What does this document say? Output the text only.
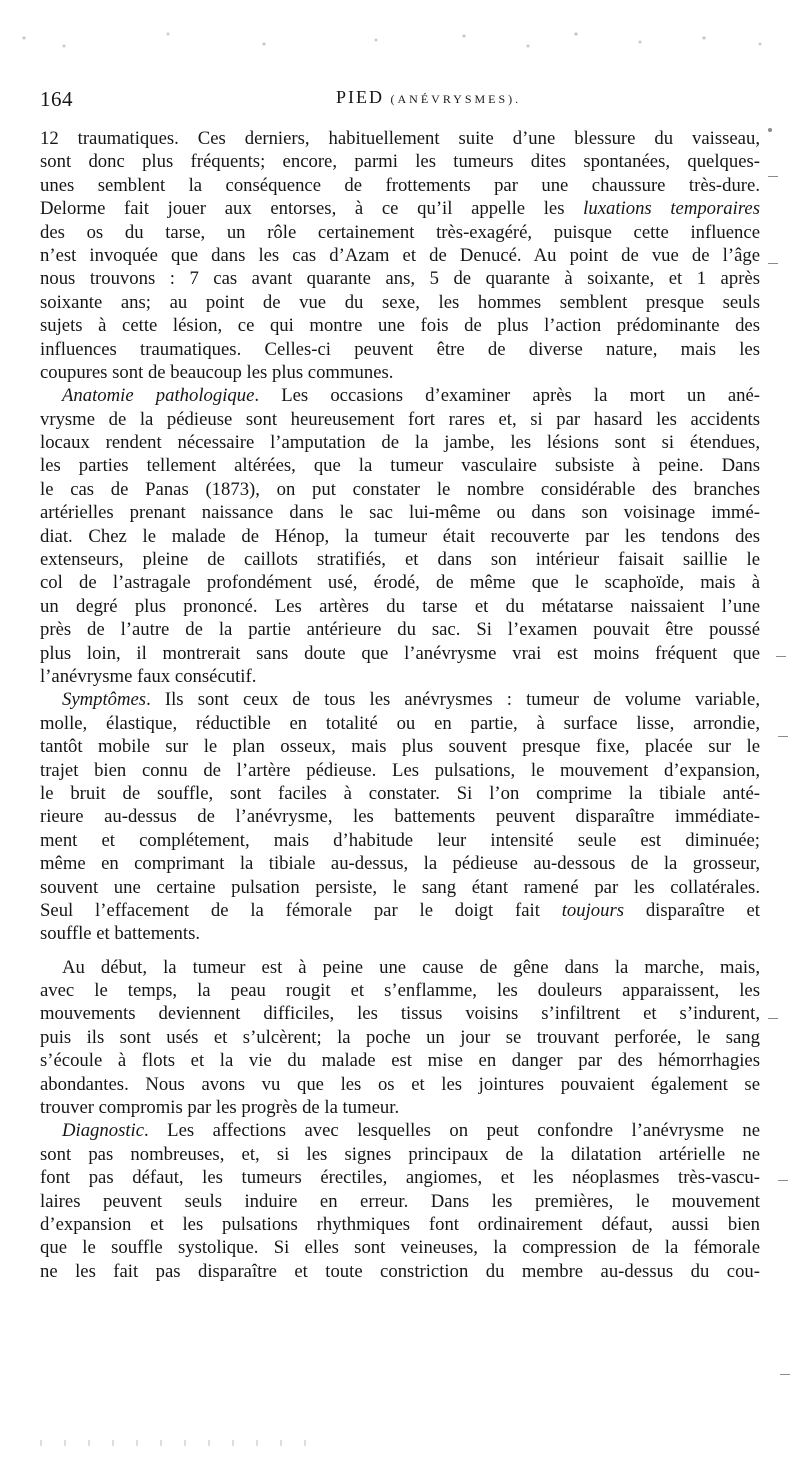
164	PIED (ANÉVRYSMES).
12 traumatiques. Ces derniers, habituellement suite d’une blessure du vaisseau,
sont donc plus fréquents; encore, parmi les tumeurs dites spontanées, quelques-
unes semblent la conséquence de frottements par une chaussure très-dure.
Delorme fait jouer aux entorses, à ce qu’il appelle les luxations temporaires
des os du tarse, un rôle certainement très-exagéré, puisque cette influence
n’est invoquée que dans les cas d’Azam et de Denucé. Au point de vue de l’âge
nous trouvons : 7 cas avant quarante ans, 5 de quarante à soixante, et 1 après
soixante ans; au point de vue du sexe, les hommes semblent presque seuls
sujets à cette lésion, ce qui montre une fois de plus l’action prédominante des
influences traumatiques. Celles-ci peuvent être de diverse nature, mais les
coupures sont de beaucoup les plus communes.
Anatomie pathologique. Les occasions d’examiner après la mort un ané-
vrysme de la pédieuse sont heureusement fort rares et, si par hasard les accidents
locaux rendent nécessaire l’amputation de la jambe, les lésions sont si étendues,
les parties tellement altérées, que la tumeur vasculaire subsiste à peine. Dans
le cas de Panas (1873), on put constater le nombre considérable des branches
artérielles prenant naissance dans le sac lui-même ou dans son voisinage immé-
diat. Chez le malade de Hénop, la tumeur était recouverte par les tendons des
extenseurs, pleine de caillots stratifiés, et dans son intérieur faisait saillie le
col de l’astragale profondément usé, érodé, de même que le scaphoïde, mais à
un degré plus prononcé. Les artères du tarse et du métatarse naissaient l’une
près de l’autre de la partie antérieure du sac. Si l’examen pouvait être poussé
plus loin, il montrerait sans doute que l’anévrysme vrai est moins fréquent que
l’anévrysme faux consécutif.
Symptômes. Ils sont ceux de tous les anévrysmes : tumeur de volume variable,
molle, élastique, réductible en totalité ou en partie, à surface lisse, arrondie,
tantôt mobile sur le plan osseux, mais plus souvent presque fixe, placée sur le
trajet bien connu de l’artère pédieuse. Les pulsations, le mouvement d’expansion,
le bruit de souffle, sont faciles à constater. Si l’on comprime la tibiale anté-
rieure au-dessus de l’anévrysme, les battements peuvent disparaître immédiate-
ment et complétement, mais d’habitude leur intensité seule est diminuée;
même en comprimant la tibiale au-dessus, la pédieuse au-dessous de la grosseur,
souvent une certaine pulsation persiste, le sang étant ramené par les collatérales.
Seul l’effacement de la fémorale par le doigt fait toujours disparaître et
souffle et battements.
Au début, la tumeur est à peine une cause de gêne dans la marche, mais,
avec le temps, la peau rougit et s’enflamme, les douleurs apparaissent, les
mouvements deviennent difficiles, les tissus voisins s’infiltrent et s’indurent,
puis ils sont usés et s’ulcèrent; la poche un jour se trouvant perforée, le sang
s’écoule à flots et la vie du malade est mise en danger par des hémorrhagies
abondantes. Nous avons vu que les os et les jointures pouvaient également se
trouver compromis par les progrès de la tumeur.
Diagnostic. Les affections avec lesquelles on peut confondre l’anévrysme ne
sont pas nombreuses, et, si les signes principaux de la dilatation artérielle ne
font pas défaut, les tumeurs érectiles, angiomes, et les néoplasmes très-vascu-
laires peuvent seuls induire en erreur. Dans les premières, le mouvement
d’expansion et les pulsations rhythmiques font ordinairement défaut, aussi bien
que le souffle systolique. Si elles sont veineuses, la compression de la fémorale
ne les fait pas disparaître et toute constriction du membre au-dessus du cou-
